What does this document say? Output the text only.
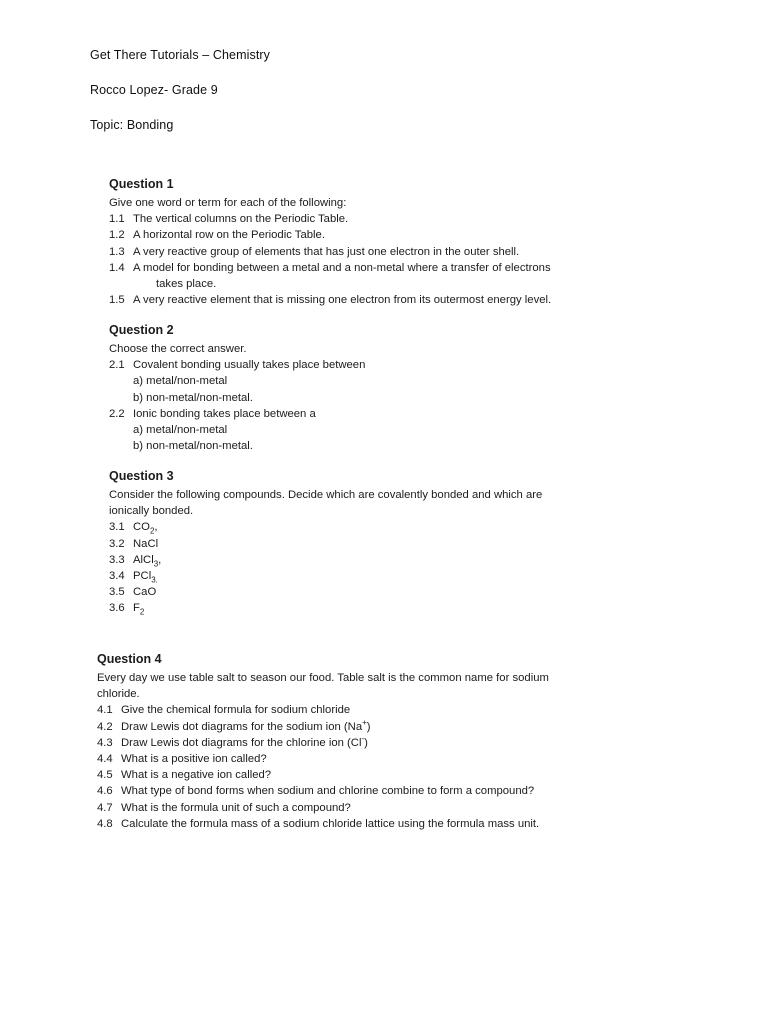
Get There Tutorials – Chemistry
Rocco Lopez- Grade 9
Topic: Bonding
Question 1
Give one word or term for each of the following:
1.1 The vertical columns on the Periodic Table.
1.2 A horizontal row on the Periodic Table.
1.3 A very reactive group of elements that has just one electron in the outer shell.
1.4 A model for bonding between a metal and a non-metal where a transfer of electrons
takes place.
1.5 A very reactive element that is missing one electron from its outermost energy level.
Question 2
Choose the correct answer.
2.1 Covalent bonding usually takes place between
a) metal/non-metal
b) non-metal/non-metal.
2.2 Ionic bonding takes place between a
a) metal/non-metal
b) non-metal/non-metal.
Question 3
Consider the following compounds. Decide which are covalently bonded and which are
ionically bonded.
3.1 $CO_2$,
3.2 NaCl
3.3 AlCl$_3$,
3.4 PCl$_{3.}$
3.5 CaO
3.6 $F_2$
Question 4
Every day we use table salt to season our food. Table salt is the common name for sodium
chloride.
4.1 Give the chemical formula for sodium chloride
4.2 Draw Lewis dot diagrams for the sodium ion (Na+)
4.3 Draw Lewis dot diagrams for the chlorine ion (Cl-)
4.4 What is a positive ion called?
4.5 What is a negative ion called?
4.6 What type of bond forms when sodium and chlorine combine to form a compound?
4.7 What is the formula unit of such a compound?
4.8 Calculate the formula mass of a sodium chloride lattice using the formula mass unit.
